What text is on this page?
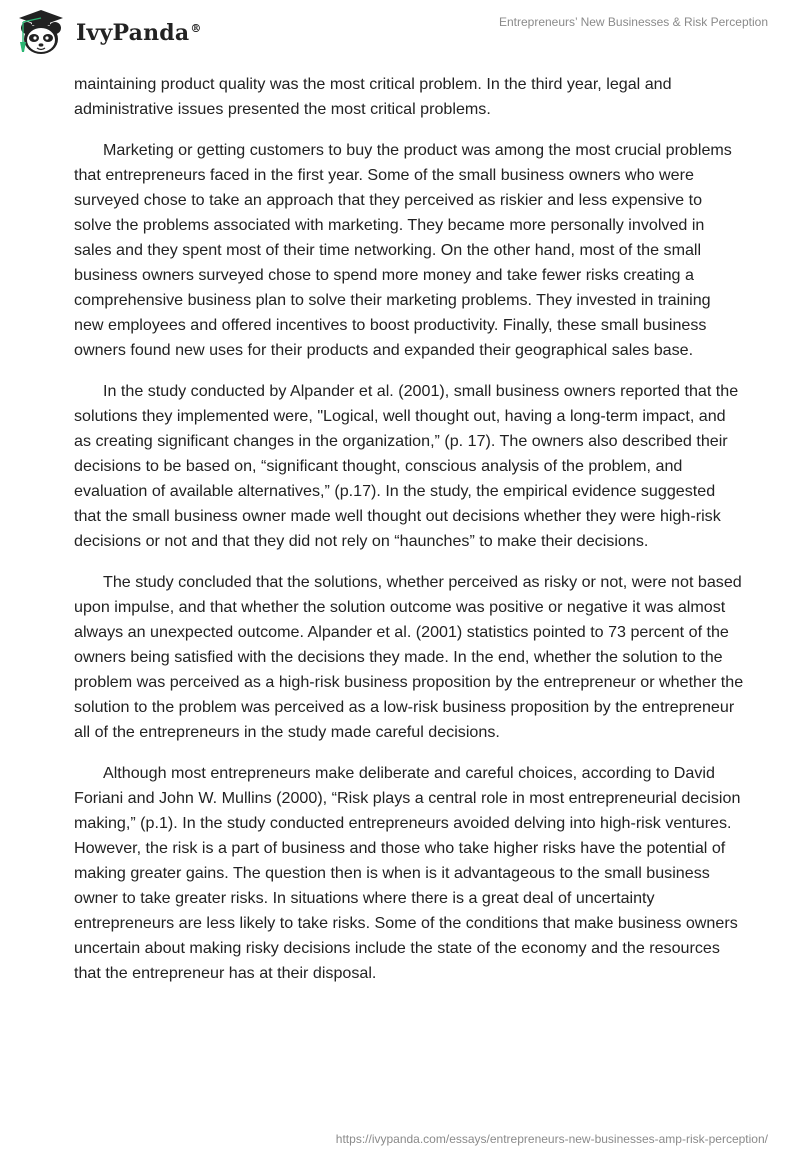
IvyPanda®	Entrepreneurs’ New Businesses & Risk Perception

maintaining product quality was the most critical problem. In the third year, legal and administrative issues presented the most critical problems.

Marketing or getting customers to buy the product was among the most crucial problems that entrepreneurs faced in the first year. Some of the small business owners who were surveyed chose to take an approach that they perceived as riskier and less expensive to solve the problems associated with marketing. They became more personally involved in sales and they spent most of their time networking. On the other hand, most of the small business owners surveyed chose to spend more money and take fewer risks creating a comprehensive business plan to solve their marketing problems. They invested in training new employees and offered incentives to boost productivity. Finally, these small business owners found new uses for their products and expanded their geographical sales base.

In the study conducted by Alpander et al. (2001), small business owners reported that the solutions they implemented were, "Logical, well thought out, having a long-term impact, and as creating significant changes in the organization,” (p. 17). The owners also described their decisions to be based on, “significant thought, conscious analysis of the problem, and evaluation of available alternatives,” (p.17). In the study, the empirical evidence suggested that the small business owner made well thought out decisions whether they were high-risk decisions or not and that they did not rely on “haunches” to make their decisions.

The study concluded that the solutions, whether perceived as risky or not, were not based upon impulse, and that whether the solution outcome was positive or negative it was almost always an unexpected outcome. Alpander et al. (2001) statistics pointed to 73 percent of the owners being satisfied with the decisions they made. In the end, whether the solution to the problem was perceived as a high-risk business proposition by the entrepreneur or whether the solution to the problem was perceived as a low-risk business proposition by the entrepreneur all of the entrepreneurs in the study made careful decisions.

Although most entrepreneurs make deliberate and careful choices, according to David Foriani and John W. Mullins (2000), “Risk plays a central role in most entrepreneurial decision making,” (p.1). In the study conducted entrepreneurs avoided delving into high-risk ventures. However, the risk is a part of business and those who take higher risks have the potential of making greater gains. The question then is when is it advantageous to the small business owner to take greater risks. In situations where there is a great deal of uncertainty entrepreneurs are less likely to take risks. Some of the conditions that make business owners uncertain about making risky decisions include the state of the economy and the resources that the entrepreneur has at their disposal.

https://ivypanda.com/essays/entrepreneurs-new-businesses-amp-risk-perception/
